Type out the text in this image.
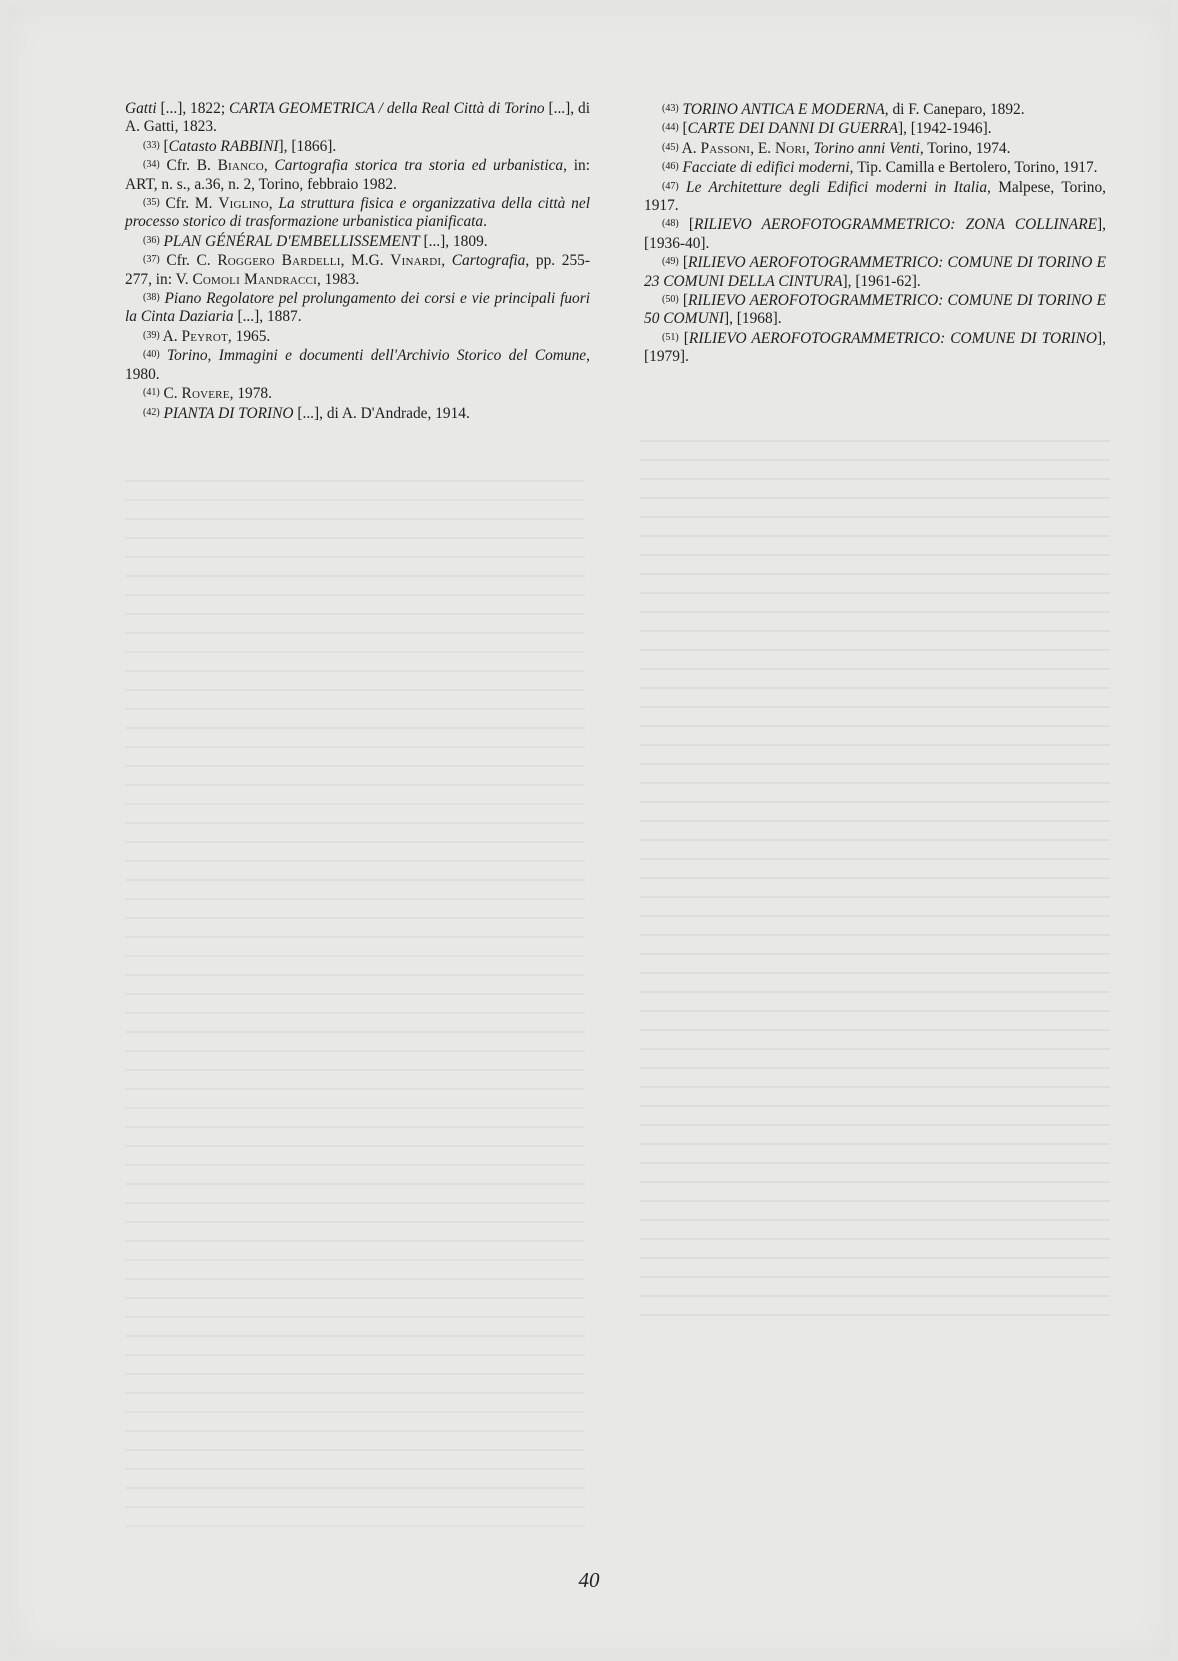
Gatti [...], 1822; CARTA GEOMETRICA / della Real Città di Torino [...], di A. Gatti, 1823.

(33) [Catasto RABBINI], [1866].

(34) Cfr. B. Bianco, Cartografia storica tra storia ed urbanistica, in: ART, n. s., a.36, n. 2, Torino, febbraio 1982.

(35) Cfr. M. Viglino, La struttura fisica e organizzativa della città nel processo storico di trasformazione urbanistica pianificata.

(36) PLAN GÉNÉRAL D'EMBELLISSEMENT [...], 1809.

(37) Cfr. C. Roggero Bardelli, M.G. Vinardi, Cartografia, pp. 255-277, in: V. Comoli Mandracci, 1983.

(38) Piano Regolatore pel prolungamento dei corsi e vie principali fuori la Cinta Daziaria [...], 1887.

(39) A. Peyrot, 1965.

(40) Torino, Immagini e documenti dell'Archivio Storico del Comune, 1980.

(41) C. Rovere, 1978.

(42) PIANTA DI TORINO [...], di A. D'Andrade, 1914.

(43) TORINO ANTICA E MODERNA, di F. Caneparo, 1892.

(44) [CARTE DEI DANNI DI GUERRA], [1942-1946].

(45) A. Passoni, E. Nori, Torino anni Venti, Torino, 1974.

(46) Facciate di edifici moderni, Tip. Camilla e Bertolero, Torino, 1917.

(47) Le Architetture degli Edifici moderni in Italia, Malpese, Torino, 1917.

(48) [RILIEVO AEROFOTOGRAMMETRICO: ZONA COLLINARE], [1936-40].

(49) [RILIEVO AEROFOTOGRAMMETRICO: COMUNE DI TORINO E 23 COMUNI DELLA CINTURA], [1961-62].

(50) [RILIEVO AEROFOTOGRAMMETRICO: COMUNE DI TORINO E 50 COMUNI], [1968].

(51) [RILIEVO AEROFOTOGRAMMETRICO: COMUNE DI TORINO], [1979].

40
